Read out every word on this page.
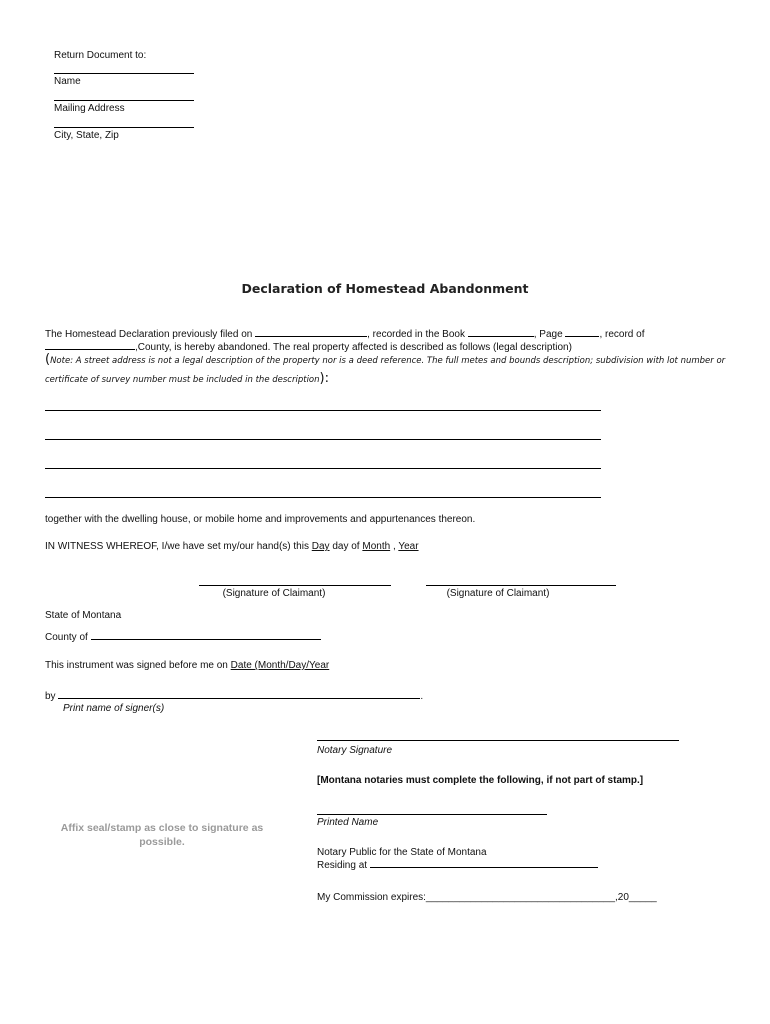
Return Document to:
Name
Mailing Address
City, State, Zip
Declaration of Homestead Abandonment
The Homestead Declaration previously filed on	, recorded in the Book	, Page	, record of
,County, is hereby abandoned. The real property affected is described as follows (legal description)
(Note: A street address is not a legal description of the property nor is a deed reference. The full metes and bounds description; subdivision with lot number or
certificate of survey number must be included in the description):
together with the dwelling house, or mobile home and improvements and appurtenances thereon.
IN WITNESS WHEREOF, I/we have set my/our hand(s) this Day day of Month , Year
(Signature of Claimant)	(Signature of Claimant)
State of Montana
County of
This instrument was signed before me on Date (Month/Day/Year
by	.
Print name of signer(s)
Notary Signature
[Montana notaries must complete the following, if not part of stamp.]
Printed Name
Affix seal/stamp as close to signature as possible.
Notary Public for the State of Montana
Residing at
My Commission expires:__________________________________,20_____
